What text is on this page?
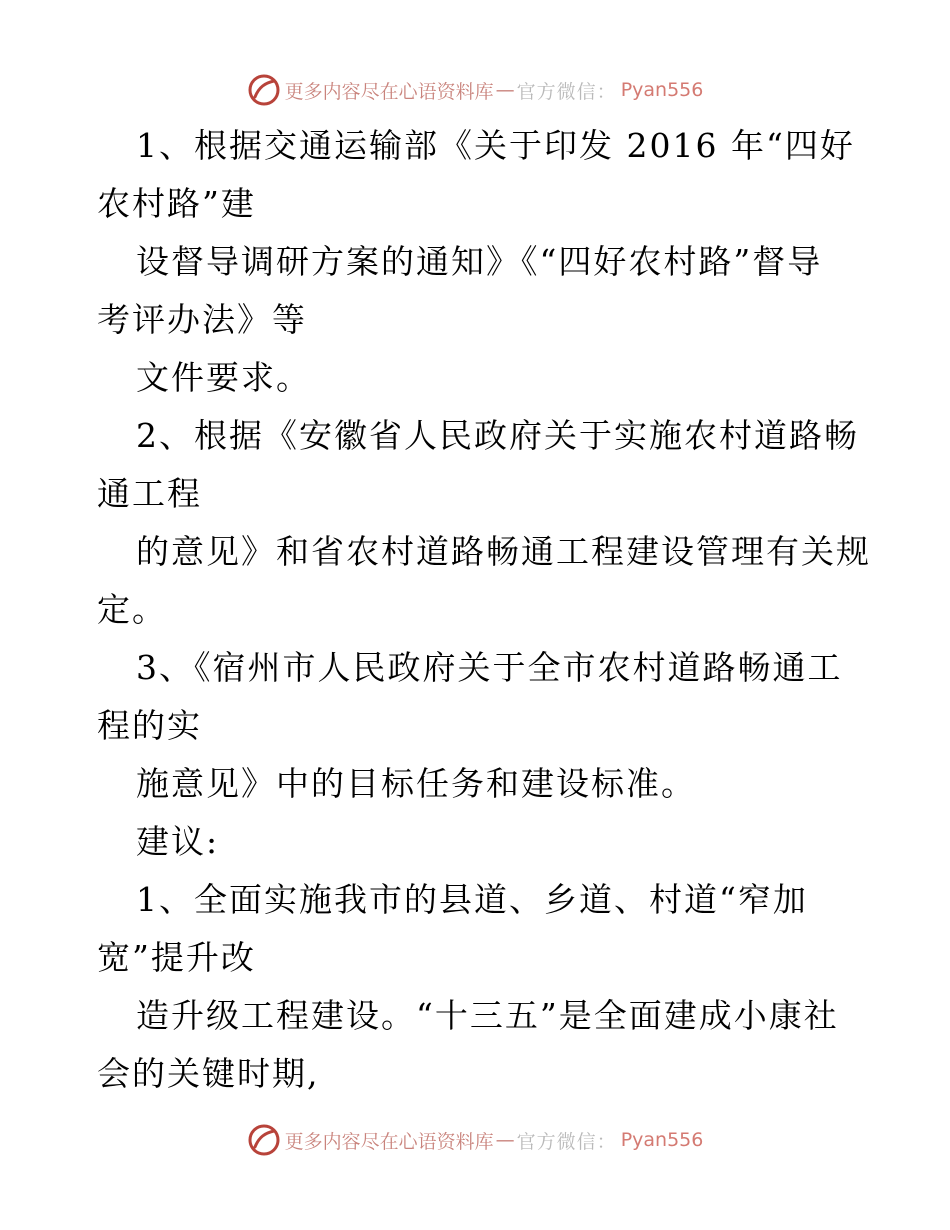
更多内容尽在心语资料库 — 官方微信： Pyan556
1、根据交通运输部《关于印发 2016 年“四好
农村路”建
设督导调研方案的通知》《“四好农村路”督导
考评办法》等
文件要求。
2、根据《安徽省人民政府关于实施农村道路畅
通工程
的意见》和省农村道路畅通工程建设管理有关规
定。
3、《宿州市人民政府关于全市农村道路畅通工
程的实
施意见》中的目标任务和建设标准。
建议:
1、全面实施我市的县道、乡道、村道“窄加
宽”提升改
造升级工程建设。“十三五”是全面建成小康社
会的关键时期,
更多内容尽在心语资料库 — 官方微信： Pyan556
